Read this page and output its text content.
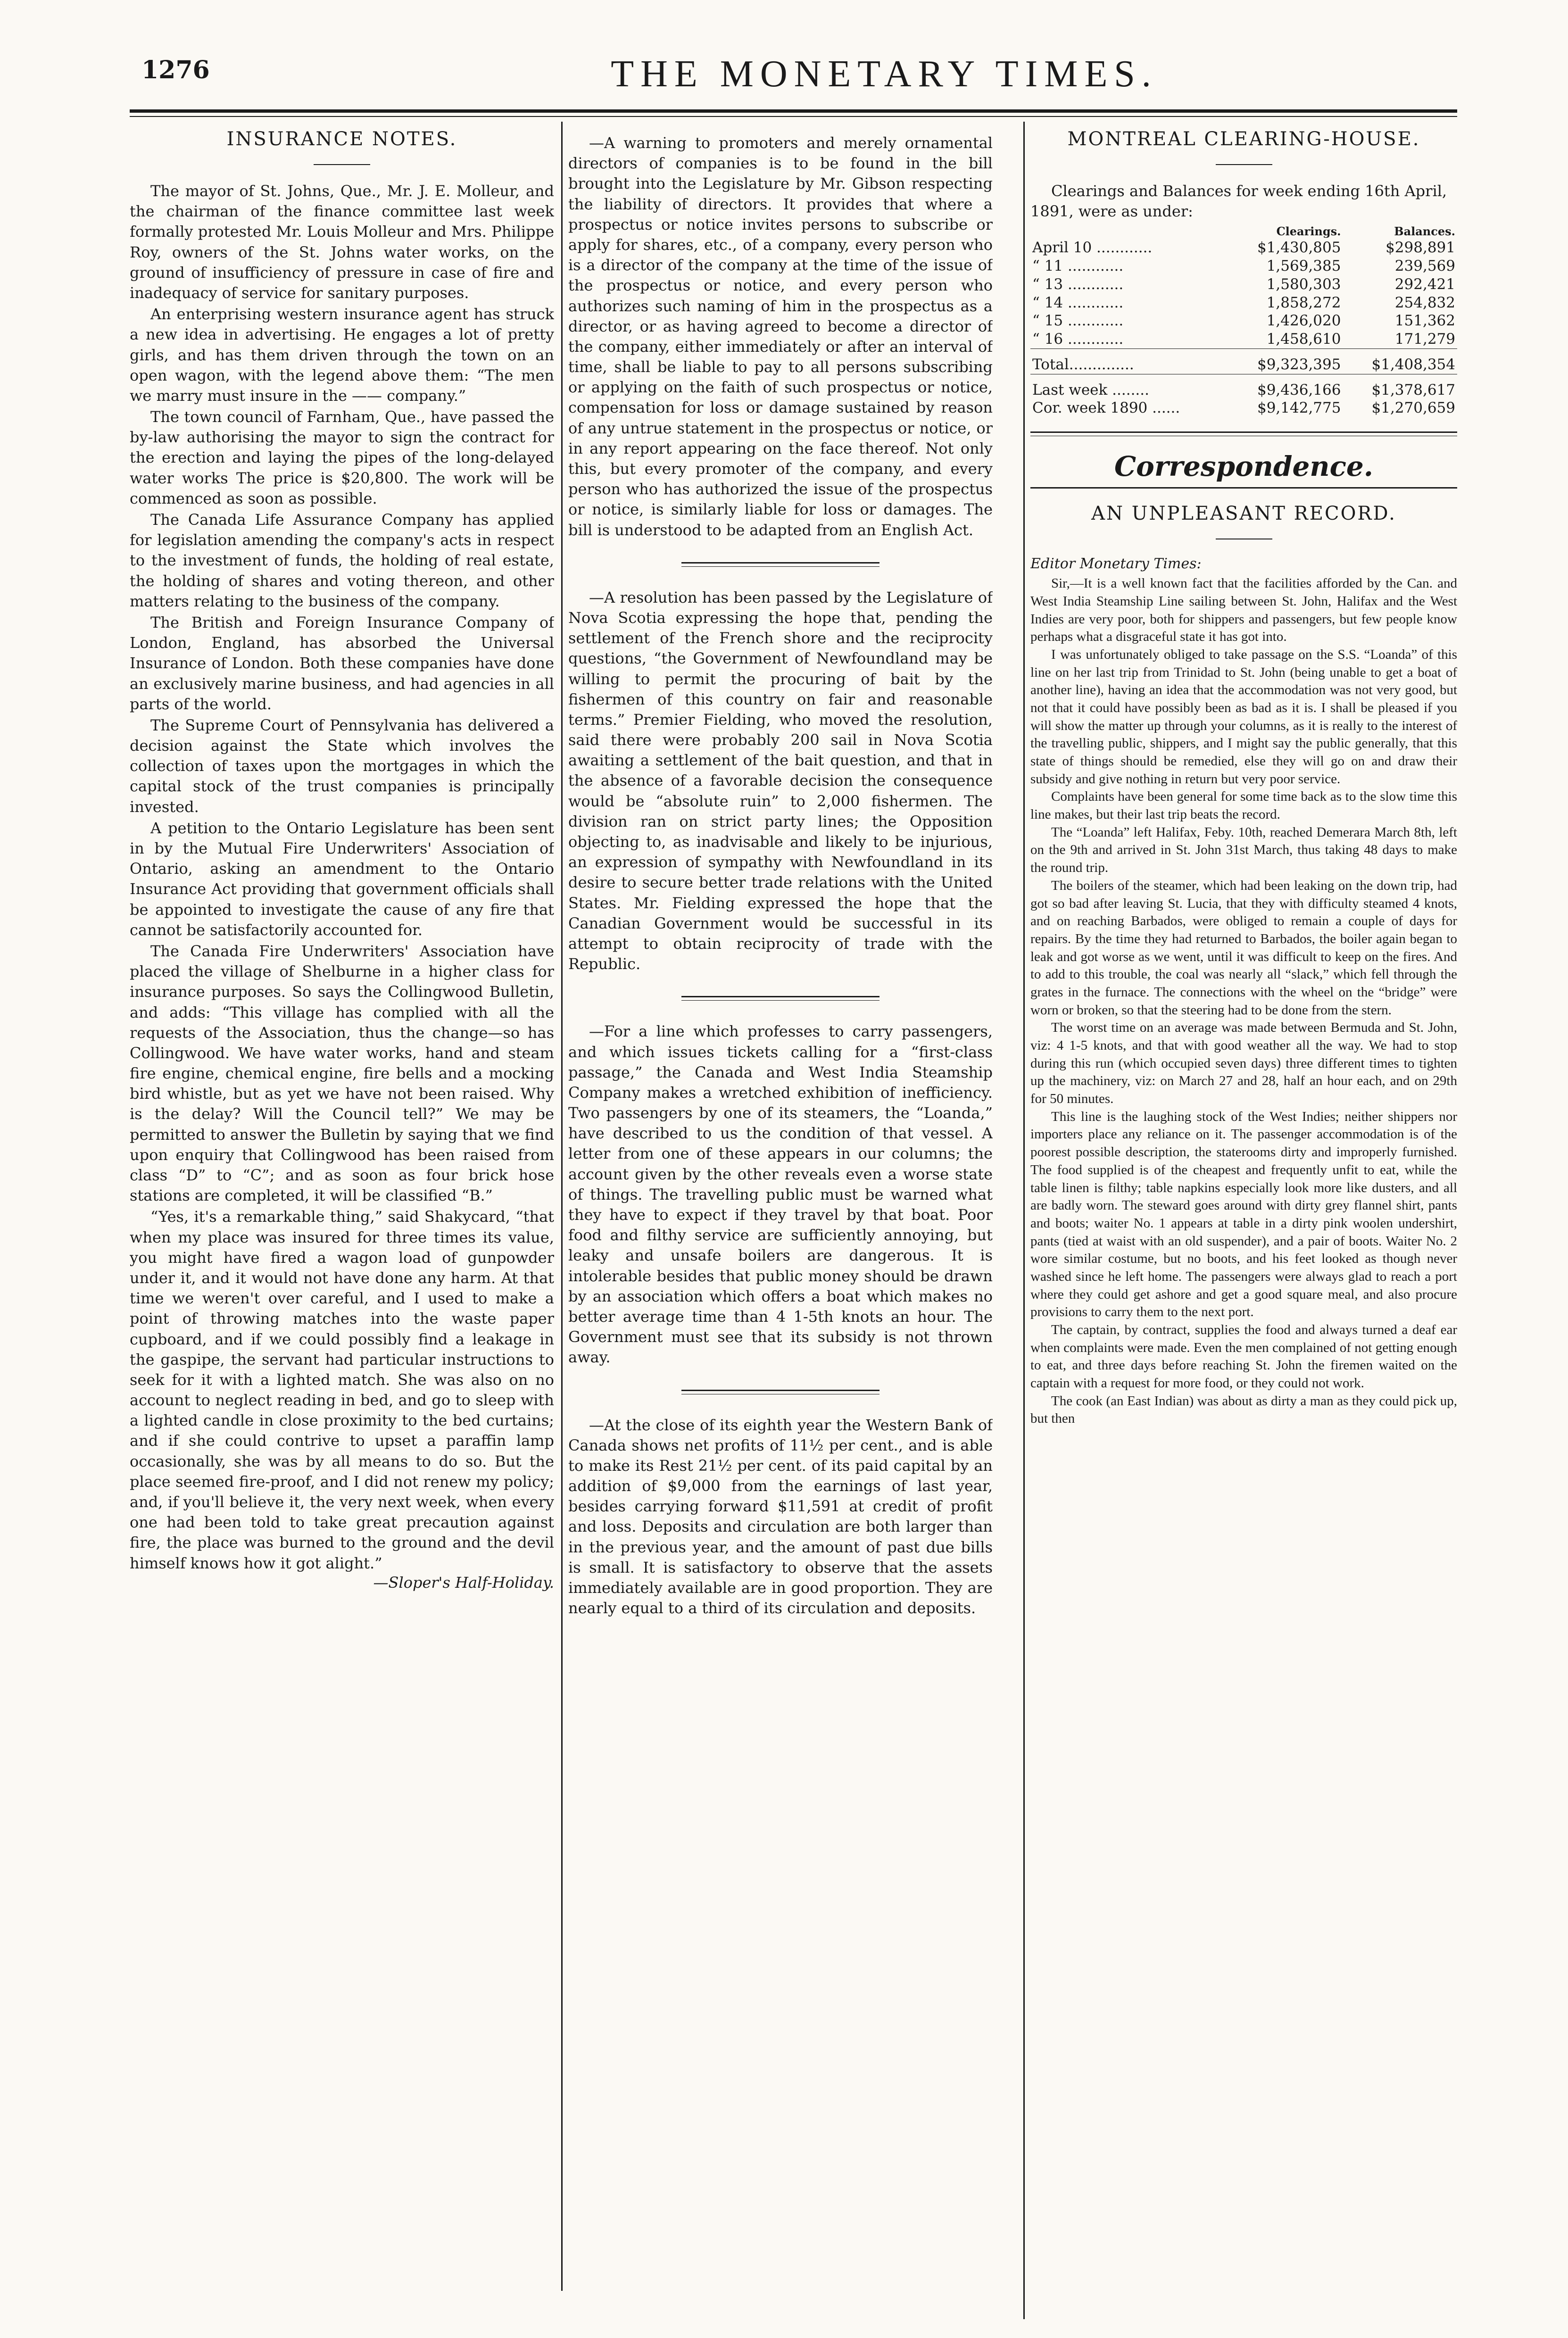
1276	THE MONETARY TIMES.
INSURANCE NOTES.

The mayor of St. Johns, Que., Mr. J. E. Molleur, and the chairman of the finance committee last week formally protested Mr. Louis Molleur and Mrs. Philippe Roy, owners of the St. Johns water works, on the ground of insufficiency of pressure in case of fire and inadequacy of service for sanitary purposes.

An enterprising western insurance agent has struck a new idea in advertising. He engages a lot of pretty girls, and has them driven through the town on an open wagon, with the legend above them: “The men we marry must insure in the —— company.”

The town council of Farnham, Que., have passed the by-law authorising the mayor to sign the contract for the erection and laying the pipes of the long-delayed water works The price is $20,800. The work will be commenced as soon as possible.

The Canada Life Assurance Company has applied for legislation amending the company's acts in respect to the investment of funds, the holding of real estate, the holding of shares and voting thereon, and other matters relating to the business of the company.

The British and Foreign Insurance Company of London, England, has absorbed the Universal Insurance of London. Both these companies have done an exclusively marine business, and had agencies in all parts of the world.

The Supreme Court of Pennsylvania has delivered a decision against the State which involves the collection of taxes upon the mortgages in which the capital stock of the trust companies is principally invested.

A petition to the Ontario Legislature has been sent in by the Mutual Fire Underwriters' Association of Ontario, asking an amendment to the Ontario Insurance Act providing that government officials shall be appointed to investigate the cause of any fire that cannot be satisfactorily accounted for.

The Canada Fire Underwriters' Association have placed the village of Shelburne in a higher class for insurance purposes. So says the Collingwood Bulletin, and adds: “This village has complied with all the requests of the Association, thus the change—so has Collingwood. We have water works, hand and steam fire engine, chemical engine, fire bells and a mocking bird whistle, but as yet we have not been raised. Why is the delay? Will the Council tell?” We may be permitted to answer the Bulletin by saying that we find upon enquiry that Collingwood has been raised from class “D” to “C”; and as soon as four brick hose stations are completed, it will be classified “B.”

“Yes, it's a remarkable thing,” said Shakycard, “that when my place was insured for three times its value, you might have fired a wagon load of gunpowder under it, and it would not have done any harm. At that time we weren't over careful, and I used to make a point of throwing matches into the waste paper cupboard, and if we could possibly find a leakage in the gaspipe, the servant had particular instructions to seek for it with a lighted match. She was also on no account to neglect reading in bed, and go to sleep with a lighted candle in close proximity to the bed curtains; and if she could contrive to upset a paraffin lamp occasionally, she was by all means to do so. But the place seemed fire-proof, and I did not renew my policy; and, if you'll believe it, the very next week, when every one had been told to take great precaution against fire, the place was burned to the ground and the devil himself knows how it got alight.”

—Sloper's Half-Holiday.

—A warning to promoters and merely ornamental directors of companies is to be found in the bill brought into the Legislature by Mr. Gibson respecting the liability of directors. It provides that where a prospectus or notice invites persons to subscribe or apply for shares, etc., of a company, every person who is a director of the company at the time of the issue of the prospectus or notice, and every person who authorizes such naming of him in the prospectus as a director, or as having agreed to become a director of the company, either immediately or after an interval of time, shall be liable to pay to all persons subscribing or applying on the faith of such prospectus or notice, compensation for loss or damage sustained by reason of any untrue statement in the prospectus or notice, or in any report appearing on the face thereof. Not only this, but every promoter of the company, and every person who has authorized the issue of the prospectus or notice, is similarly liable for loss or damages. The bill is understood to be adapted from an English Act.

—A resolution has been passed by the Legislature of Nova Scotia expressing the hope that, pending the settlement of the French shore and the reciprocity questions, “the Government of Newfoundland may be willing to permit the procuring of bait by the fishermen of this country on fair and reasonable terms.” Premier Fielding, who moved the resolution, said there were probably 200 sail in Nova Scotia awaiting a settlement of the bait question, and that in the absence of a favorable decision the consequence would be “absolute ruin” to 2,000 fishermen. The division ran on strict party lines; the Opposition objecting to, as inadvisable and likely to be injurious, an expression of sympathy with Newfoundland in its desire to secure better trade relations with the United States. Mr. Fielding expressed the hope that the Canadian Government would be successful in its attempt to obtain reciprocity of trade with the Republic.

—For a line which professes to carry passengers, and which issues tickets calling for a “first-class passage,” the Canada and West India Steamship Company makes a wretched exhibition of inefficiency. Two passengers by one of its steamers, the “Loanda,” have described to us the condition of that vessel. A letter from one of these appears in our columns; the account given by the other reveals even a worse state of things. The travelling public must be warned what they have to expect if they travel by that boat. Poor food and filthy service are sufficiently annoying, but leaky and unsafe boilers are dangerous. It is intolerable besides that public money should be drawn by an association which offers a boat which makes no better average time than 4 1-5th knots an hour. The Government must see that its subsidy is not thrown away.

—At the close of its eighth year the Western Bank of Canada shows net profits of 11½ per cent., and is able to make its Rest 21½ per cent. of its paid capital by an addition of $9,000 from the earnings of last year, besides carrying forward $11,591 at credit of profit and loss. Deposits and circulation are both larger than in the previous year, and the amount of past due bills is small. It is satisfactory to observe that the assets immediately available are in good proportion. They are nearly equal to a third of its circulation and deposits.

MONTREAL CLEARING-HOUSE.

Clearings and Balances for week ending 16th April, 1891, were as under:

	Clearings.	Balances.
April 10 ............	$1,430,805	$298,891
“ 11 ............	1,569,385	239,569
“ 13 ............	1,580,303	292,421
“ 14 ............	1,858,272	254,832
“ 15 ............	1,426,020	151,362
“ 16 ............	1,458,610	171,279
Total..............	$9,323,395	$1,408,354
Last week ........	$9,436,166	$1,378,617
Cor. week 1890 ......	$9,142,775	$1,270,659
Correspondence.
AN UNPLEASANT RECORD.
Editor Monetary Times:

Sir,—It is a well known fact that the facilities afforded by the Can. and West India Steamship Line sailing between St. John, Halifax and the West Indies are very poor, both for shippers and passengers, but few people know perhaps what a disgraceful state it has got into.

I was unfortunately obliged to take passage on the S.S. “Loanda” of this line on her last trip from Trinidad to St. John (being unable to get a boat of another line), having an idea that the accommodation was not very good, but not that it could have possibly been as bad as it is. I shall be pleased if you will show the matter up through your columns, as it is really to the interest of the travelling public, shippers, and I might say the public generally, that this state of things should be remedied, else they will go on and draw their subsidy and give nothing in return but very poor service.

Complaints have been general for some time back as to the slow time this line makes, but their last trip beats the record.

The “Loanda” left Halifax, Feby. 10th, reached Demerara March 8th, left on the 9th and arrived in St. John 31st March, thus taking 48 days to make the round trip.

The boilers of the steamer, which had been leaking on the down trip, had got so bad after leaving St. Lucia, that they with difficulty steamed 4 knots, and on reaching Barbados, were obliged to remain a couple of days for repairs. By the time they had returned to Barbados, the boiler again began to leak and got worse as we went, until it was difficult to keep on the fires. And to add to this trouble, the coal was nearly all “slack,” which fell through the grates in the furnace. The connections with the wheel on the “bridge” were worn or broken, so that the steering had to be done from the stern.

The worst time on an average was made between Bermuda and St. John, viz: 4 1-5 knots, and that with good weather all the way. We had to stop during this run (which occupied seven days) three different times to tighten up the machinery, viz: on March 27 and 28, half an hour each, and on 29th for 50 minutes.

This line is the laughing stock of the West Indies; neither shippers nor importers place any reliance on it. The passenger accommodation is of the poorest possible description, the staterooms dirty and improperly furnished. The food supplied is of the cheapest and frequently unfit to eat, while the table linen is filthy; table napkins especially look more like dusters, and all are badly worn. The steward goes around with dirty grey flannel shirt, pants and boots; waiter No. 1 appears at table in a dirty pink woolen undershirt, pants (tied at waist with an old suspender), and a pair of boots. Waiter No. 2 wore similar costume, but no boots, and his feet looked as though never washed since he left home. The passengers were always glad to reach a port where they could get ashore and get a good square meal, and also procure provisions to carry them to the next port.

The captain, by contract, supplies the food and always turned a deaf ear when complaints were made. Even the men complained of not getting enough to eat, and three days before reaching St. John the firemen waited on the captain with a request for more food, or they could not work.

The cook (an East Indian) was about as dirty a man as they could pick up, but then
